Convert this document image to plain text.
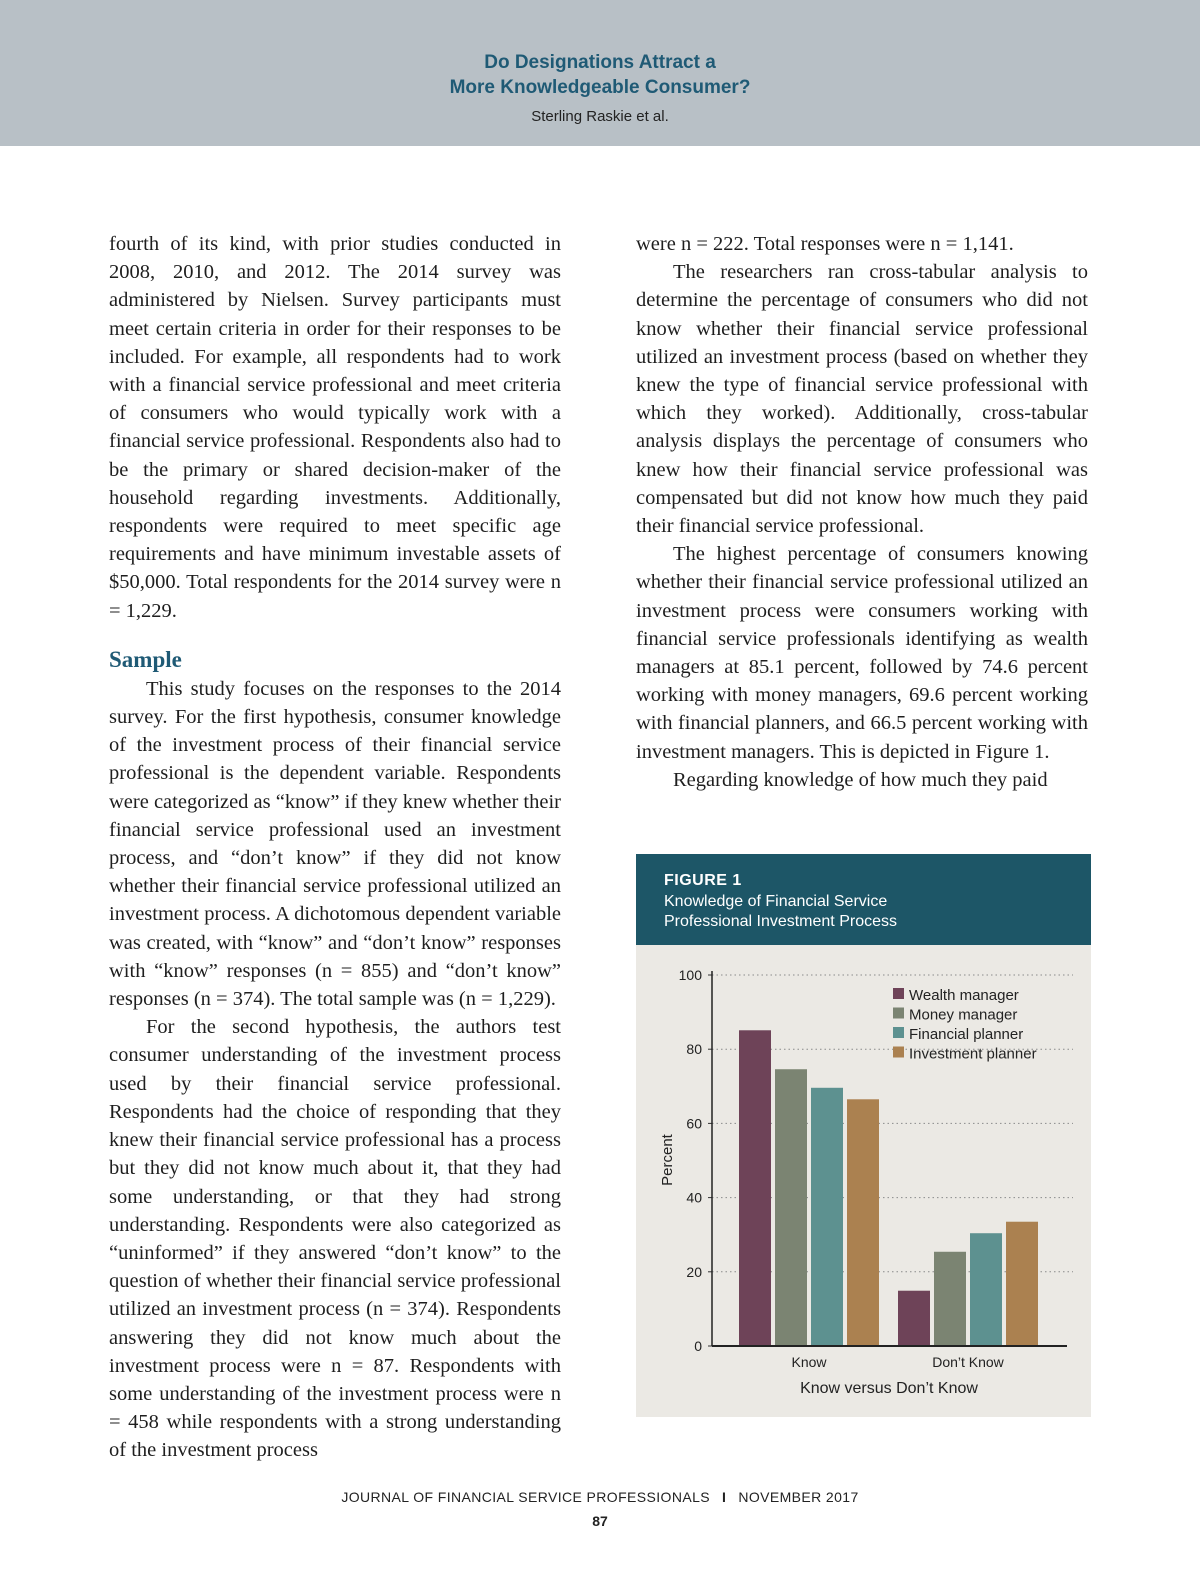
Do Designations Attract a
More Knowledgeable Consumer?
Sterling Raskie et al.

fourth of its kind, with prior studies conducted in 2008, 2010, and 2012. The 2014 survey was administered by Nielsen. Survey participants must meet certain criteria in order for their responses to be included. For example, all respondents had to work with a financial service professional and meet criteria of consumers who would typically work with a financial service professional. Respondents also had to be the primary or shared decision-maker of the household regarding investments. Additionally, respondents were required to meet specific age requirements and have minimum investable assets of $50,000. Total respondents for the 2014 survey were n = 1,229.

Sample

This study focuses on the responses to the 2014 survey. For the first hypothesis, consumer knowledge of the investment process of their financial service professional is the dependent variable. Respondents were categorized as “know” if they knew whether their financial service professional used an investment process, and “don’t know” if they did not know whether their financial service professional utilized an investment process. A dichotomous dependent variable was created, with “know” and “don’t know” responses with “know” responses (n = 855) and “don’t know” responses (n = 374). The total sample was (n = 1,229).

For the second hypothesis, the authors test consumer understanding of the investment process used by their financial service professional. Respondents had the choice of responding that they knew their financial service professional has a process but they did not know much about it, that they had some understanding, or that they had strong understanding. Respondents were also categorized as “uninformed” if they answered “don’t know” to the question of whether their financial service professional utilized an investment process (n = 374). Respondents answering they did not know much about the investment process were n = 87. Respondents with some understanding of the investment process were n = 458 while respondents with a strong understanding of the investment process

were n = 222. Total responses were n = 1,141.

The researchers ran cross-tabular analysis to determine the percentage of consumers who did not know whether their financial service professional utilized an investment process (based on whether they knew the type of financial service professional with which they worked). Additionally, cross-tabular analysis displays the percentage of consumers who knew how their financial service professional was compensated but did not know how much they paid their financial service professional.

The highest percentage of consumers knowing whether their financial service professional utilized an investment process were consumers working with financial service professionals identifying as wealth managers at 85.1 percent, followed by 74.6 percent working with money managers, 69.6 percent working with financial planners, and 66.5 percent working with investment managers. This is depicted in Figure 1.

Regarding knowledge of how much they paid

FIGURE 1
Knowledge of Financial Service
Professional Investment Process
0
20
40
60
80
100
Know	Don’t Know
Know versus Don’t Know
Percent
Wealth manager
Money manager
Financial planner
Investment planner
JOURNAL OF FINANCIAL SERVICE PROFESSIONALS I NOVEMBER 2017
87
